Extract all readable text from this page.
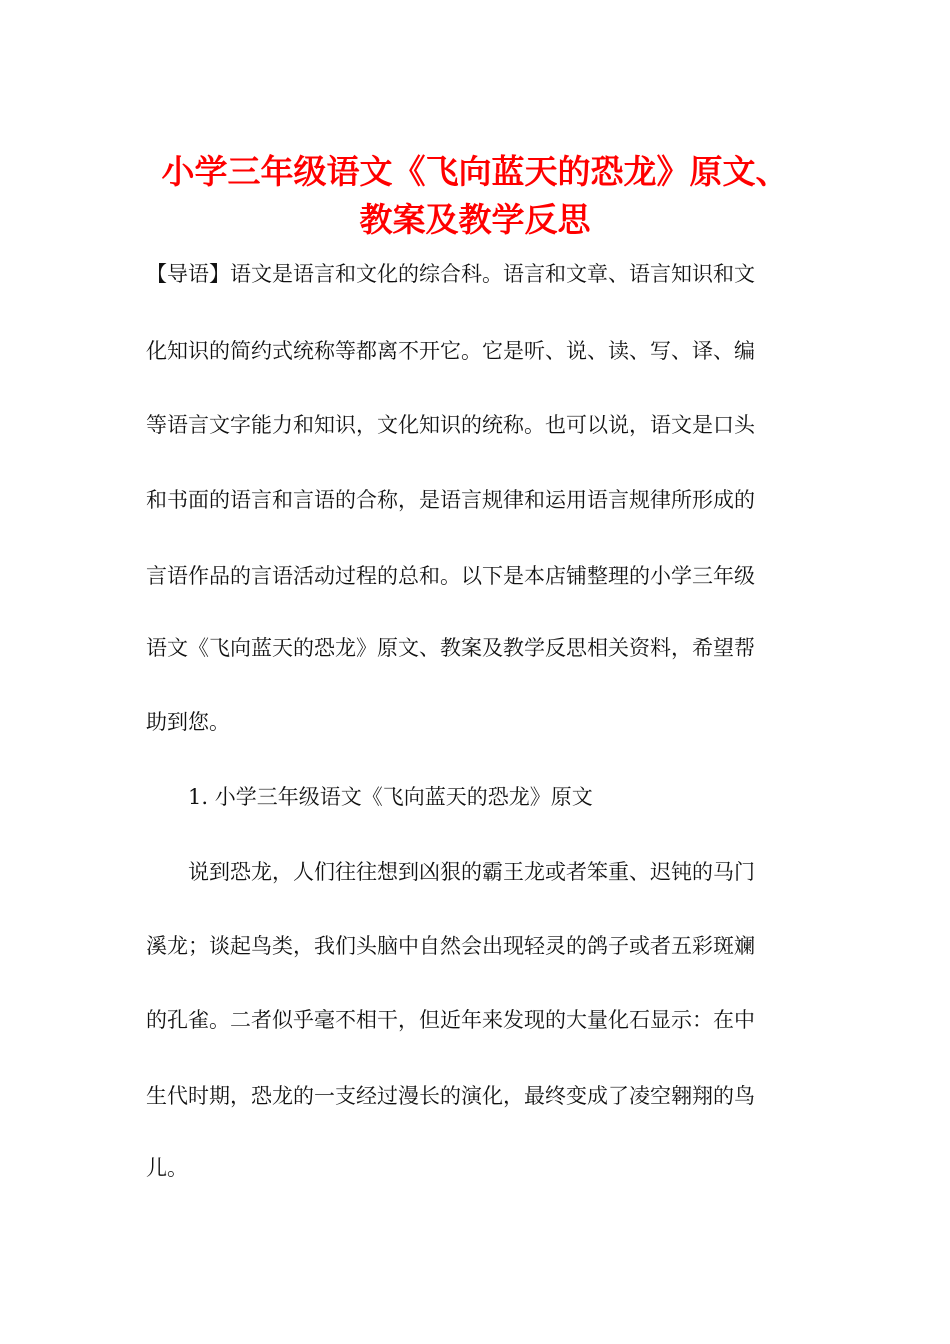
小学三年级语文《飞向蓝天的恐龙》原文、
教案及教学反思
【导语】语文是语言和文化的综合科。语言和文章、语言知识和文
化知识的简约式统称等都离不开它。它是听、说、读、写、译、编
等语言文字能力和知识，文化知识的统称。也可以说，语文是口头
和书面的语言和言语的合称，是语言规律和运用语言规律所形成的
言语作品的言语活动过程的总和。以下是本店铺整理的小学三年级
语文《飞向蓝天的恐龙》原文、教案及教学反思相关资料，希望帮
助到您。
1. 小学三年级语文《飞向蓝天的恐龙》原文
说到恐龙，人们往往想到凶狠的霸王龙或者笨重、迟钝的马门
溪龙；谈起鸟类，我们头脑中自然会出现轻灵的鸽子或者五彩斑斓
的孔雀。二者似乎毫不相干，但近年来发现的大量化石显示：在中
生代时期，恐龙的一支经过漫长的演化，最终变成了凌空翱翔的鸟
儿。
